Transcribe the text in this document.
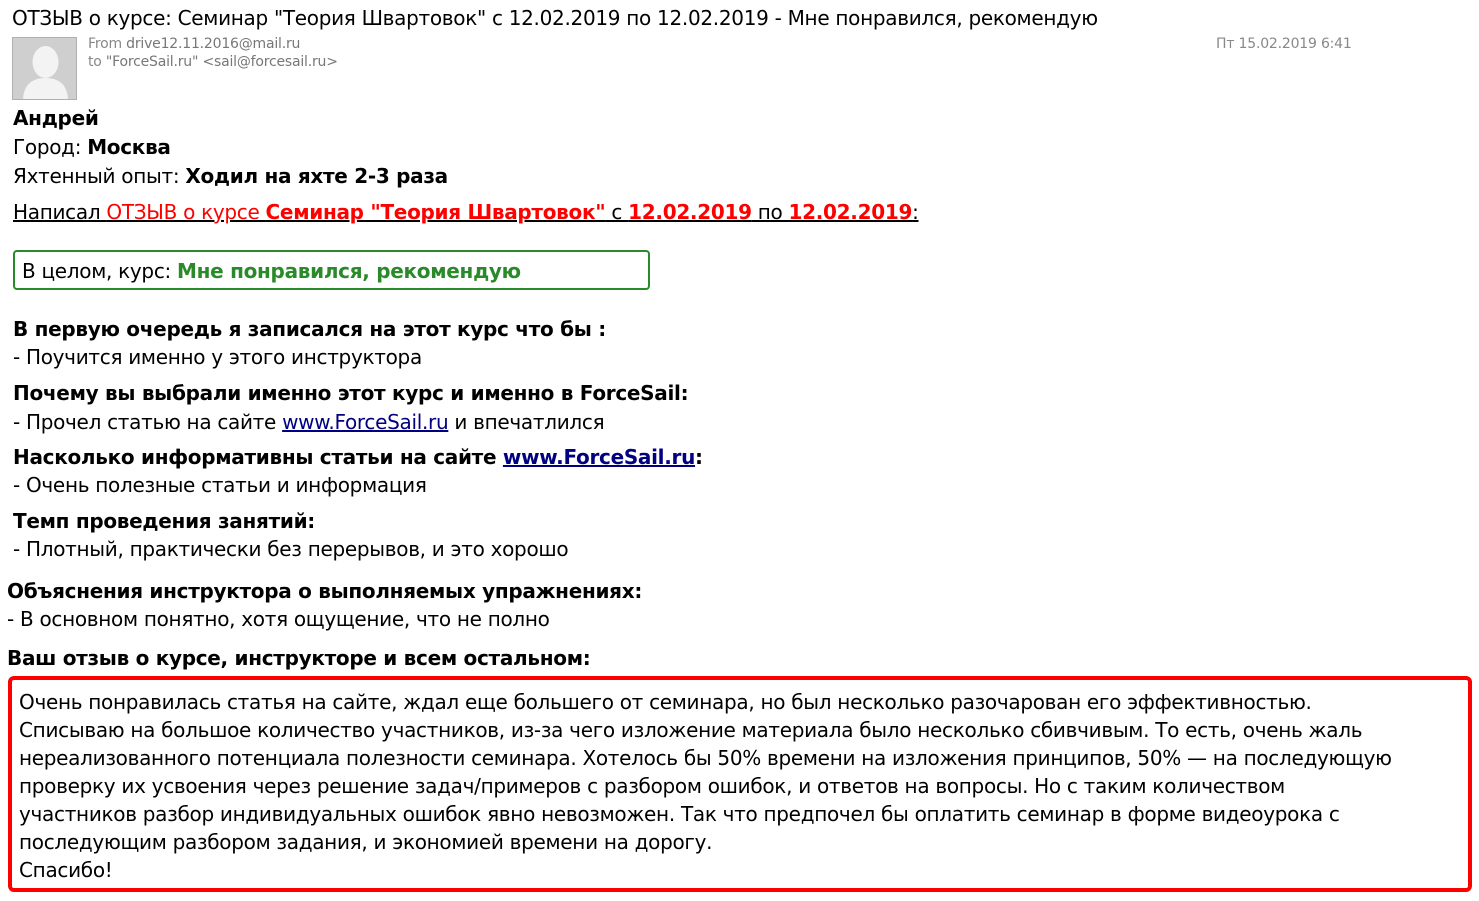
ОТЗЫВ о курсе: Семинар "Теория Швартовок" с 12.02.2019 по 12.02.2019 - Мне понравился, рекомендую
From drive12.11.2016@mail.ru
to "ForceSail.ru" <sail@forcesail.ru>
Пт 15.02.2019 6:41
Андрей
Город: Москва
Яхтенный опыт: Ходил на яхте 2-3 раза
Написал ОТЗЫВ о курсе Семинар "Теория Швартовок" с 12.02.2019 по 12.02.2019:
В целом, курс: Мне понравился, рекомендую
В первую очередь я записался на этот курс что бы :
- Поучится именно у этого инструктора
Почему вы выбрали именно этот курс и именно в ForceSail:
- Прочел статью на сайте www.ForceSail.ru и впечатлился
Насколько информативны статьи на сайте www.ForceSail.ru:
- Очень полезные статьи и информация
Темп проведения занятий:
- Плотный, практически без перерывов, и это хорошо
Объяснения инструктора о выполняемых упражнениях:
- В основном понятно, хотя ощущение, что не полно
Ваш отзыв о курсе, инструкторе и всем остальном:
Очень понравилась статья на сайте, ждал еще большего от семинара, но был несколько разочарован его эффективностью.
Списываю на большое количество участников, из-за чего изложение материала было несколько сбивчивым. То есть, очень жаль
нереализованного потенциала полезности семинара. Хотелось бы 50% времени на изложения принципов, 50% — на последующую
проверку их усвоения через решение задач/примеров с разбором ошибок, и ответов на вопросы. Но с таким количеством
участников разбор индивидуальных ошибок явно невозможен. Так что предпочел бы оплатить семинар в форме видеоурока с
последующим разбором задания, и экономией времени на дорогу.
Спасибо!
